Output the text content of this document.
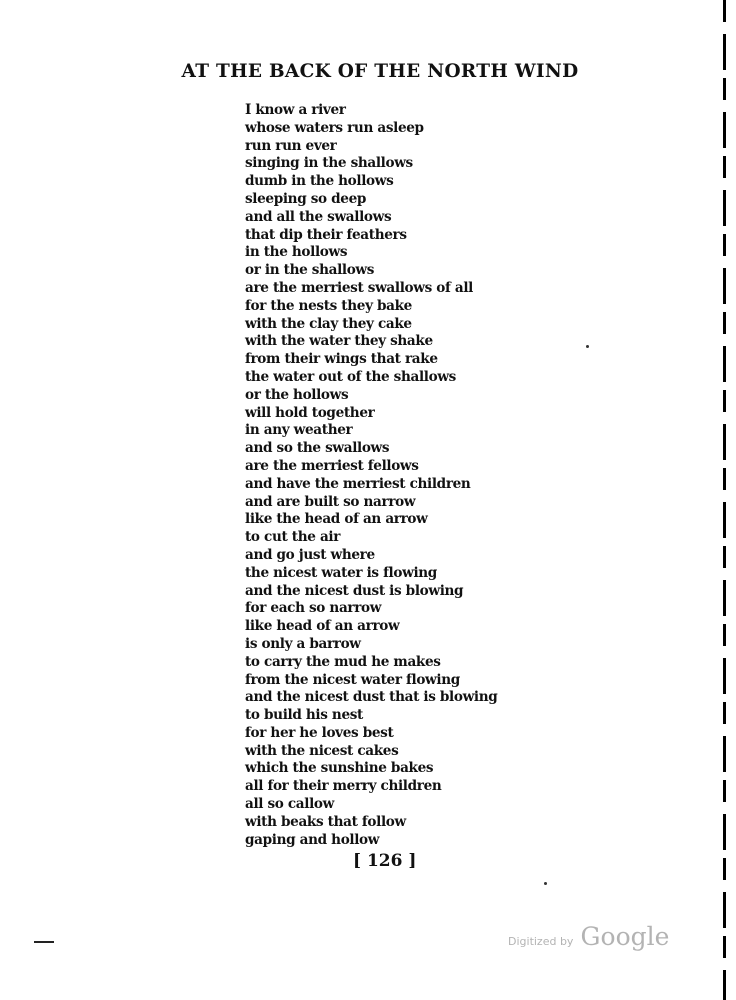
AT THE BACK OF THE NORTH WIND
I know a river
whose waters run asleep
run run ever
singing in the shallows
dumb in the hollows
sleeping so deep
and all the swallows
that dip their feathers
in the hollows
or in the shallows
are the merriest swallows of all
for the nests they bake
with the clay they cake
with the water they shake
from their wings that rake
the water out of the shallows
or the hollows
will hold together
in any weather
and so the swallows
are the merriest fellows
and have the merriest children
and are built so narrow
like the head of an arrow
to cut the air
and go just where
the nicest water is flowing
and the nicest dust is blowing
for each so narrow
like head of an arrow
is only a barrow
to carry the mud he makes
from the nicest water flowing
and the nicest dust that is blowing
to build his nest
for her he loves best
with the nicest cakes
which the sunshine bakes
all for their merry children
all so callow
with beaks that follow
gaping and hollow
[ 126 ]
Digitized by Google
